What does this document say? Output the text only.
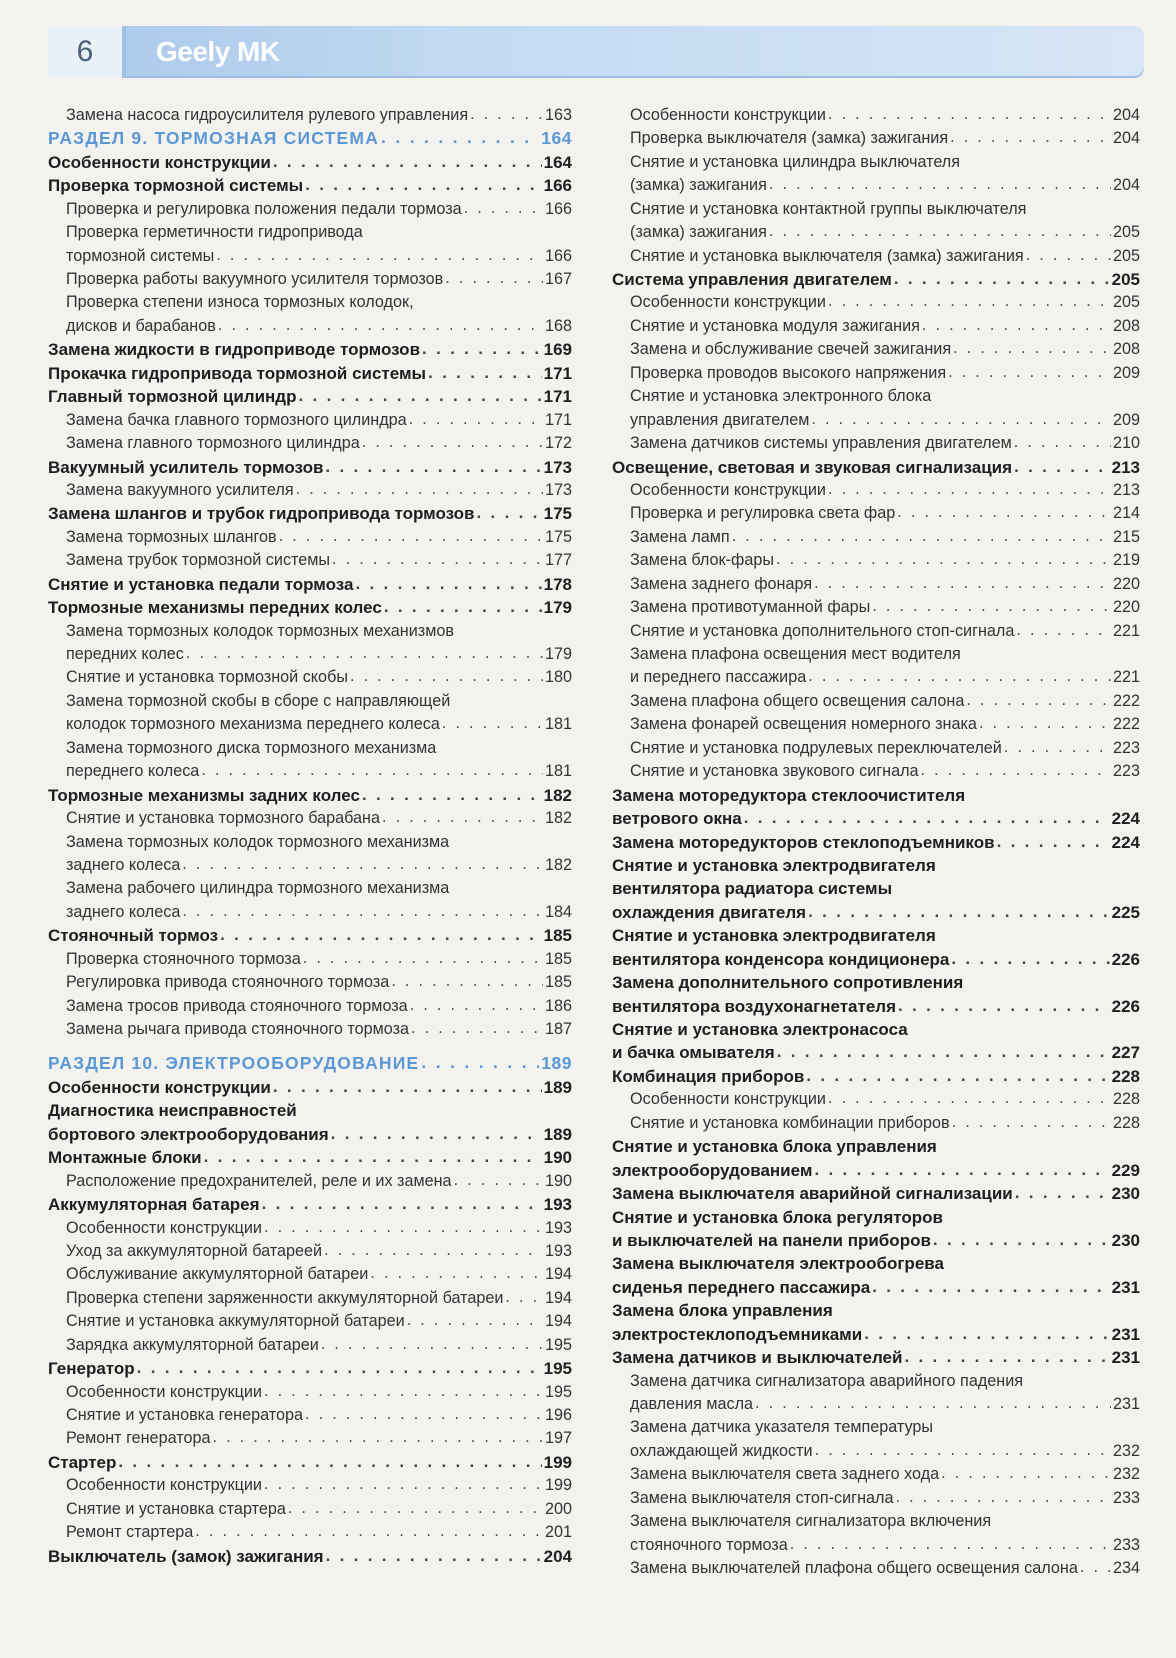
6	Geely MK
Замена насоса гидроусилителя рулевого управления . . .	163
РАЗДЕЛ 9. ТОРМОЗНАЯ СИСТЕМА . . .	164
Особенности конструкции . . .	164
Проверка тормозной системы . . .	166
Проверка и регулировка положения педали тормоза . . .	166
Проверка герметичности гидропривода
тормозной системы . . .	166
Проверка работы вакуумного усилителя тормозов . . .	167
Проверка степени износа тормозных колодок,
дисков и барабанов . . .	168
Замена жидкости в гидроприводе тормозов . . .	169
Прокачка гидропривода тормозной системы . . .	171
Главный тормозной цилиндр . . .	171
Замена бачка главного тормозного цилиндра . . .	171
Замена главного тормозного цилиндра . . .	172
Вакуумный усилитель тормозов . . .	173
Замена вакуумного усилителя . . .	173
Замена шлангов и трубок гидропривода тормозов . . .	175
Замена тормозных шлангов . . .	175
Замена трубок тормозной системы . . .	177
Снятие и установка педали тормоза . . .	178
Тормозные механизмы передних колес . . .	179
Замена тормозных колодок тормозных механизмов
передних колес . . .	179
Снятие и установка тормозной скобы . . .	180
Замена тормозной скобы в сборе с направляющей
колодок тормозного механизма переднего колеса . . .	181
Замена тормозного диска тормозного механизма
переднего колеса . . .	181
Тормозные механизмы задних колес . . .	182
Снятие и установка тормозного барабана . . .	182
Замена тормозных колодок тормозного механизма
заднего колеса . . .	182
Замена рабочего цилиндра тормозного механизма
заднего колеса . . .	184
Стояночный тормоз . . .	185
Проверка стояночного тормоза . . .	185
Регулировка привода стояночного тормоза . . .	185
Замена тросов привода стояночного тормоза . . .	186
Замена рычага привода стояночного тормоза . . .	187
РАЗДЕЛ 10. ЭЛЕКТРООБОРУДОВАНИЕ . . .	189
Особенности конструкции . . .	189
Диагностика неисправностей
бортового электрооборудования . . .	189
Монтажные блоки . . .	190
Расположение предохранителей, реле и их замена . . .	190
Аккумуляторная батарея . . .	193
Особенности конструкции . . .	193
Уход за аккумуляторной батареей . . .	193
Обслуживание аккумуляторной батареи . . .	194
Проверка степени заряженности аккумуляторной батареи . . .	194
Снятие и установка аккумуляторной батареи . . .	194
Зарядка аккумуляторной батареи . . .	195
Генератор . . .	195
Особенности конструкции . . .	195
Снятие и установка генератора . . .	196
Ремонт генератора . . .	197
Стартер . . .	199
Особенности конструкции . . .	199
Снятие и установка стартера . . .	200
Ремонт стартера . . .	201
Выключатель (замок) зажигания . . .	204
Особенности конструкции . . .	204
Проверка выключателя (замка) зажигания . . .	204
Снятие и установка цилиндра выключателя
(замка) зажигания . . .	204
Снятие и установка контактной группы выключателя
(замка) зажигания . . .	205
Снятие и установка выключателя (замка) зажигания . . .	205
Система управления двигателем . . .	205
Особенности конструкции . . .	205
Снятие и установка модуля зажигания . . .	208
Замена и обслуживание свечей зажигания . . .	208
Проверка проводов высокого напряжения . . .	209
Снятие и установка электронного блока
управления двигателем . . .	209
Замена датчиков системы управления двигателем . . .	210
Освещение, световая и звуковая сигнализация . . .	213
Особенности конструкции . . .	213
Проверка и регулировка света фар . . .	214
Замена ламп . . .	215
Замена блок-фары . . .	219
Замена заднего фонаря . . .	220
Замена противотуманной фары . . .	220
Снятие и установка дополнительного стоп-сигнала . . .	221
Замена плафона освещения мест водителя
и переднего пассажира . . .	221
Замена плафона общего освещения салона . . .	222
Замена фонарей освещения номерного знака . . .	222
Снятие и установка подрулевых переключателей . . .	223
Снятие и установка звукового сигнала . . .	223
Замена моторедуктора стеклоочистителя
ветрового окна . . .	224
Замена моторедукторов стеклоподъемников . . .	224
Снятие и установка электродвигателя
вентилятора радиатора системы
охлаждения двигателя . . .	225
Снятие и установка электродвигателя
вентилятора конденсора кондиционера . . .	226
Замена дополнительного сопротивления
вентилятора воздухонагнетателя . . .	226
Снятие и установка электронасоса
и бачка омывателя . . .	227
Комбинация приборов . . .	228
Особенности конструкции . . .	228
Снятие и установка комбинации приборов . . .	228
Снятие и установка блока управления
электрооборудованием . . .	229
Замена выключателя аварийной сигнализации . . .	230
Снятие и установка блока регуляторов
и выключателей на панели приборов . . .	230
Замена выключателя электрообогрева
сиденья переднего пассажира . . .	231
Замена блока управления
электростеклоподъемниками . . .	231
Замена датчиков и выключателей . . .	231
Замена датчика сигнализатора аварийного падения
давления масла . . .	231
Замена датчика указателя температуры
охлаждающей жидкости . . .	232
Замена выключателя света заднего хода . . .	232
Замена выключателя стоп-сигнала . . .	233
Замена выключателя сигнализатора включения
стояночного тормоза . . .	233
Замена выключателей плафона общего освещения салона . . . 234
